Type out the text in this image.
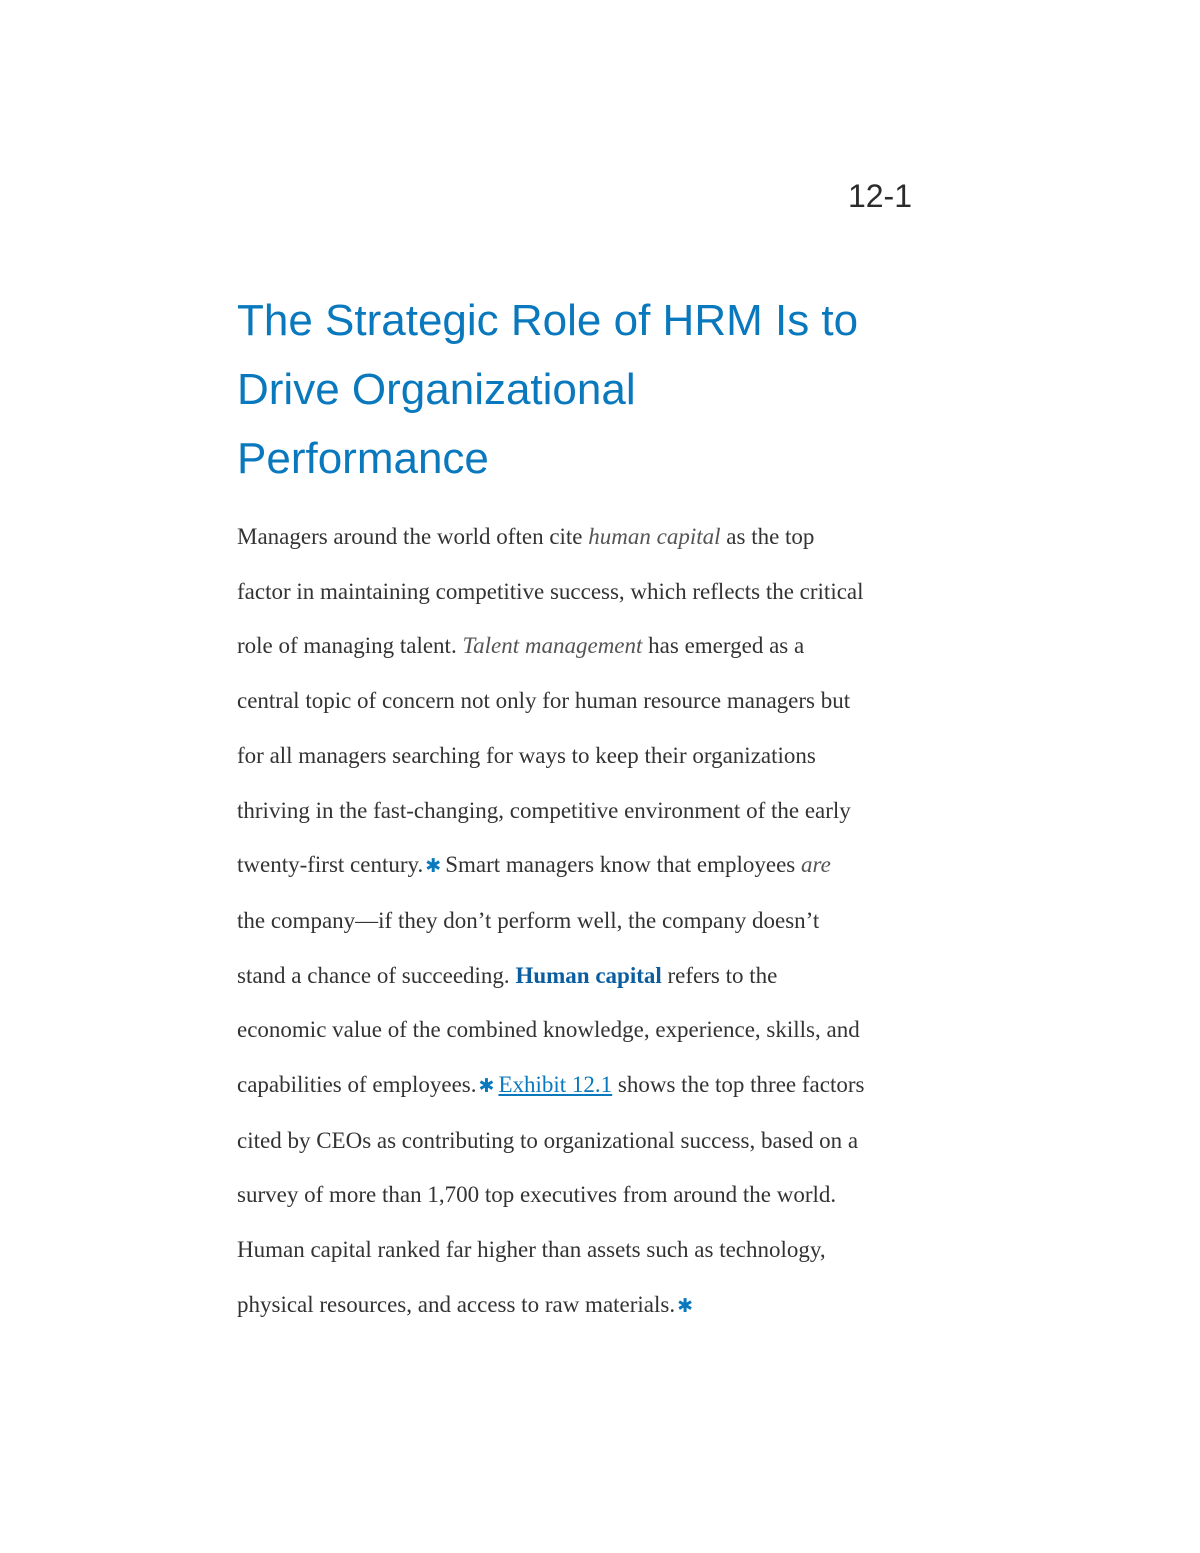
12-1

The Strategic Role of HRM Is to
Drive Organizational
Performance
Managers around the world often cite human capital as the top
factor in maintaining competitive success, which reflects the critical
role of managing talent. Talent management has emerged as a
central topic of concern not only for human resource managers but
for all managers searching for ways to keep their organizations
thriving in the fast-changing, competitive environment of the early
twenty-first century. ✱ Smart managers know that employees are
the company—if they don’t perform well, the company doesn’t
stand a chance of succeeding. Human capital refers to the
economic value of the combined knowledge, experience, skills, and
capabilities of employees. ✱ Exhibit 12.1 shows the top three factors
cited by CEOs as contributing to organizational success, based on a
survey of more than 1,700 top executives from around the world.
Human capital ranked far higher than assets such as technology,
physical resources, and access to raw materials. ✱
